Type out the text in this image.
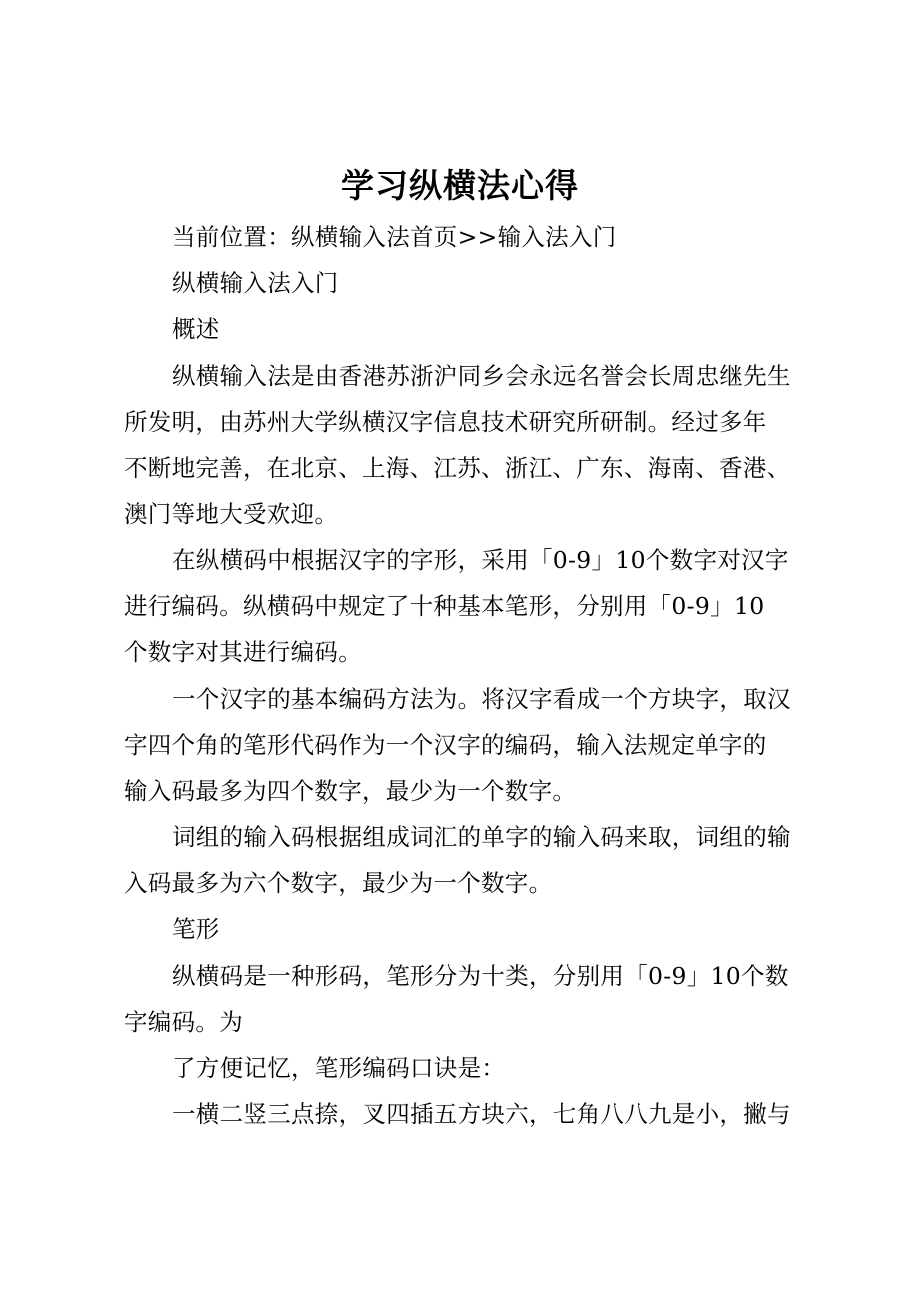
学习纵横法心得
当前位置：纵横输入法首页>>输入法入门
纵横输入法入门
概述
纵横输入法是由香港苏浙沪同乡会永远名誉会长周忠继先生
所发明，由苏州大学纵横汉字信息技术研究所研制。经过多年
不断地完善，在北京、上海、江苏、浙江、广东、海南、香港、
澳门等地大受欢迎。
在纵横码中根据汉字的字形，采用「0-9」10个数字对汉字
进行编码。纵横码中规定了十种基本笔形，分别用「0-9」10
个数字对其进行编码。
一个汉字的基本编码方法为。将汉字看成一个方块字，取汉
字四个角的笔形代码作为一个汉字的编码，输入法规定单字的
输入码最多为四个数字，最少为一个数字。
词组的输入码根据组成词汇的单字的输入码来取，词组的输
入码最多为六个数字，最少为一个数字。
笔形
纵横码是一种形码，笔形分为十类，分别用「0-9」10个数
字编码。为
了方便记忆，笔形编码口诀是：
一横二竖三点捺，叉四插五方块六，七角八八九是小，撇与
